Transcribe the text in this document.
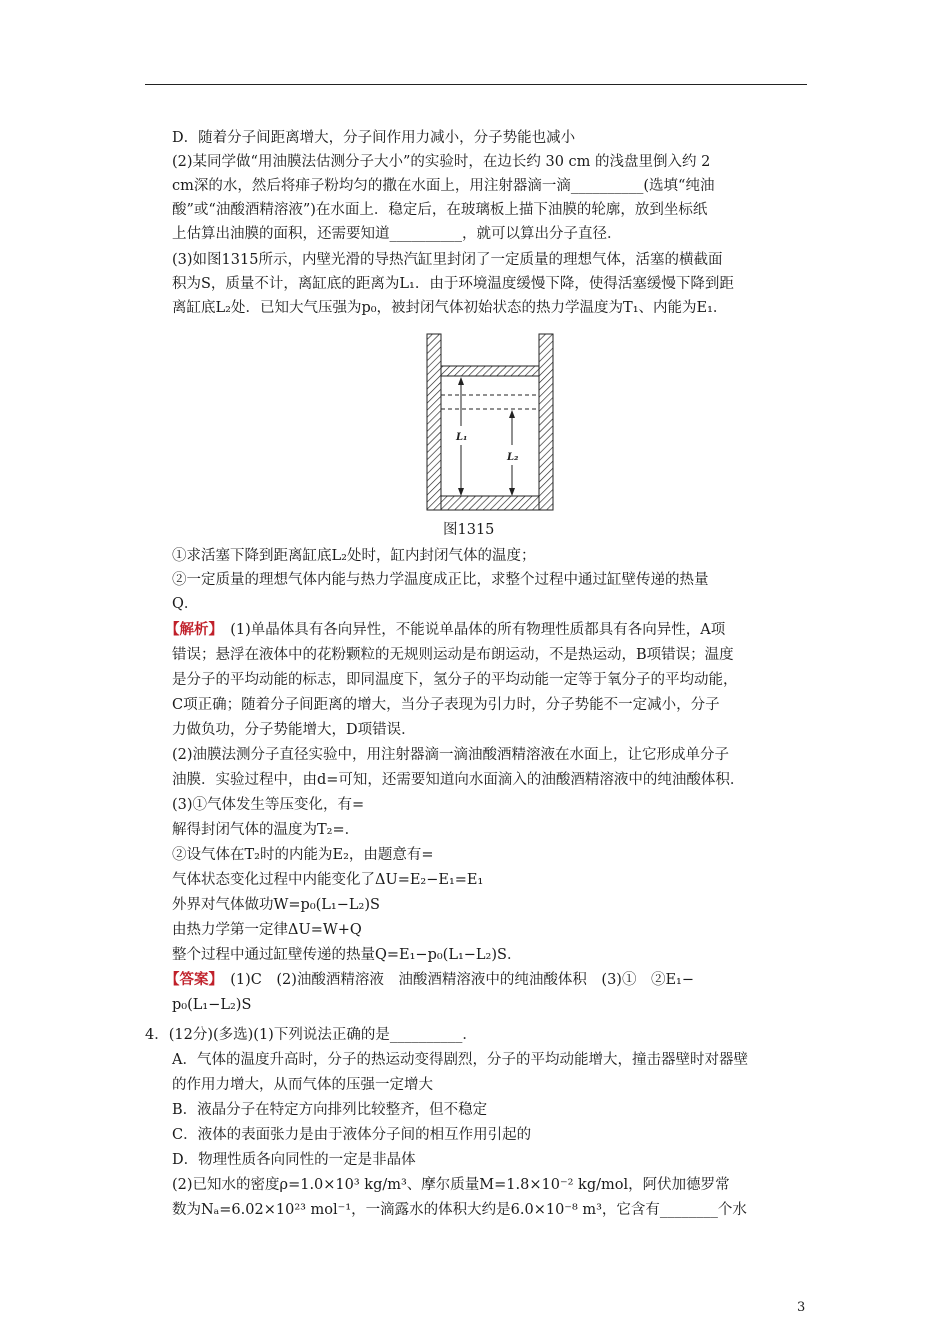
D．随着分子间距离增大，分子间作用力减小，分子势能也减小
(2)某同学做“用油膜法估测分子大小”的实验时，在边长约 30 cm 的浅盘里倒入约 2
cm深的水，然后将痱子粉均匀的撒在水面上，用注射器滴一滴__________(选填“纯油
酸”或“油酸酒精溶液”)在水面上．稳定后，在玻璃板上描下油膜的轮廓，放到坐标纸
上估算出油膜的面积，还需要知道__________，就可以算出分子直径．
(3)如图1315所示，内壁光滑的导热汽缸里封闭了一定质量的理想气体，活塞的横截面
积为S，质量不计，离缸底的距离为L₁．由于环境温度缓慢下降，使得活塞缓慢下降到距
离缸底L₂处．已知大气压强为p₀，被封闭气体初始状态的热力学温度为T₁、内能为E₁．
L₁
L₂
图1315
①求活塞下降到距离缸底L₂处时，缸内封闭气体的温度；
②一定质量的理想气体内能与热力学温度成正比，求整个过程中通过缸壁传递的热量
Q．
【解析】　 (1)单晶体具有各向异性，不能说单晶体的所有物理性质都具有各向异性，A项
错误；悬浮在液体中的花粉颗粒的无规则运动是布朗运动，不是热运动，B项错误；温度
是分子的平均动能的标志，即同温度下，氢分子的平均动能一定等于氧分子的平均动能，
C项正确；随着分子间距离的增大，当分子表现为引力时，分子势能不一定减小，分子
力做负功，分子势能增大，D项错误．
(2)油膜法测分子直径实验中，用注射器滴一滴油酸酒精溶液在水面上，让它形成单分子
油膜．实验过程中，由d=可知，还需要知道向水面滴入的油酸酒精溶液中的纯油酸体积．
(3)①气体发生等压变化，有=
解得封闭气体的温度为T₂=．
②设气体在T₂时的内能为E₂，由题意有=
气体状态变化过程中内能变化了ΔU=E₂−E₁=E₁
外界对气体做功W=p₀(L₁−L₂)S
由热力学第一定律ΔU=W+Q
整个过程中通过缸壁传递的热量Q=E₁−p₀(L₁−L₂)S．
【答案】　 (1)C　(2)油酸酒精溶液　油酸酒精溶液中的纯油酸体积　(3)①　②E₁−
p₀(L₁−L₂)S
4．(12分)(多选)(1)下列说法正确的是__________．
A．气体的温度升高时，分子的热运动变得剧烈，分子的平均动能增大，撞击器壁时对器壁
的作用力增大，从而气体的压强一定增大
B．液晶分子在特定方向排列比较整齐，但不稳定
C．液体的表面张力是由于液体分子间的相互作用引起的
D．物理性质各向同性的一定是非晶体
(2)已知水的密度ρ=1.0×10³ kg/m³、摩尔质量M=1.8×10⁻² kg/mol，阿伏加德罗常
数为Nₐ=6.02×10²³ mol⁻¹，一滴露水的体积大约是6.0×10⁻⁸ m³，它含有________个水
3
